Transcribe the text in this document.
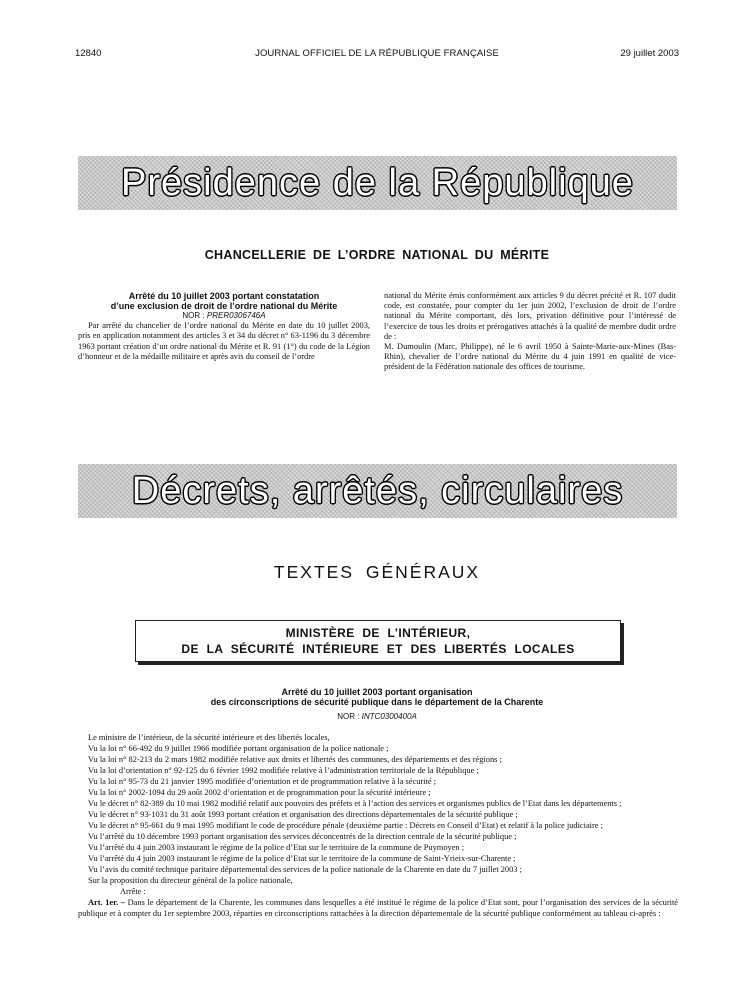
12840	JOURNAL OFFICIEL DE LA RÉPUBLIQUE FRANÇAISE	29 juillet 2003
Présidence de la République
CHANCELLERIE DE L’ORDRE NATIONAL DU MÉRITE

Arrêté du 10 juillet 2003 portant constatation

d’une exclusion de droit de l’ordre national du Mérite

NOR : PRER0306746A

Par arrêté du chancelier de l’ordre national du Mérite en date du 10 juillet 2003, pris en application notamment des articles 3 et 34 du décret n° 63-1196 du 3 décembre 1963 portant création d’un ordre national du Mérite et R. 91 (1°) du code de la Légion d’honneur et de la médaille militaire et après avis du conseil de l’ordre

national du Mérite émis conformément aux articles 9 du décret précité et R. 107 dudit code, est constatée, pour compter du 1er juin 2002, l’exclusion de droit de l’ordre national du Mérite comportant, dès lors, privation définitive pour l’intéressé de l’exercice de tous les droits et prérogatives attachés à la qualité de membre dudit ordre de :

M. Dumoulin (Marc, Philippe), né le 6 avril 1950 à Sainte-Marie-aux-Mines (Bas-Rhin), chevalier de l’ordre national du Mérite du 4 juin 1991 en qualité de vice-président de la Fédération nationale des offices de tourisme.

Décrets, arrêtés, circulaires
TEXTES GÉNÉRAUX
MINISTÈRE DE L’INTÉRIEUR,
DE LA SÉCURITÉ INTÉRIEURE ET DES LIBERTÉS LOCALES
Arrêté du 10 juillet 2003 portant organisation
des circonscriptions de sécurité publique dans le département de la Charente
NOR : INTC0300400A
Le ministre de l’intérieur, de la sécurité intérieure et des libertés locales,
Vu la loi n° 66-492 du 9 juillet 1966 modifiée portant organisation de la police nationale ;
Vu la loi n° 82-213 du 2 mars 1982 modifiée relative aux droits et libertés des communes, des départements et des régions ;
Vu la loi d’orientation n° 92-125 du 6 février 1992 modifiée relative à l’administration territoriale de la République ;
Vu la loi n° 95-73 du 21 janvier 1995 modifiée d’orientation et de programmation relative à la sécurité ;
Vu la loi n° 2002-1094 du 29 août 2002 d’orientation et de programmation pour la sécurité intérieure ;
Vu le décret n° 82-389 du 10 mai 1982 modifié relatif aux pouvoirs des préfets et à l’action des services et organismes publics de l’Etat dans les départements ;
Vu le décret n° 93-1031 du 31 août 1993 portant création et organisation des directions départementales de la sécurité publique ;
Vu le décret n° 95-661 du 9 mai 1995 modifiant le code de procédure pénale (deuxième partie : Décrets en Conseil d’Etat) et relatif à la police judiciaire ;
Vu l’arrêté du 10 décembre 1993 portant organisation des services déconcentrés de la direction centrale de la sécurité publique ;
Vu l’arrêté du 4 juin 2003 instaurant le régime de la police d’Etat sur le territoire de la commune de Puymoyen ;
Vu l’arrêté du 4 juin 2003 instaurant le régime de la police d’Etat sur le territoire de la commune de Saint-Yrieix-sur-Charente ;
Vu l’avis du comité technique paritaire départemental des services de la police nationale de la Charente en date du 7 juillet 2003 ;
Sur la proposition du directeur général de la police nationale,
Arrête :
Art. 1er. – Dans le département de la Charente, les communes dans lesquelles a été institué le régime de la police d’Etat sont, pour l’organisation des services de la sécurité publique et à compter du 1er septembre 2003, réparties en circonscriptions rattachées à la direction départementale de la sécurité publique conformément au tableau ci-après :
